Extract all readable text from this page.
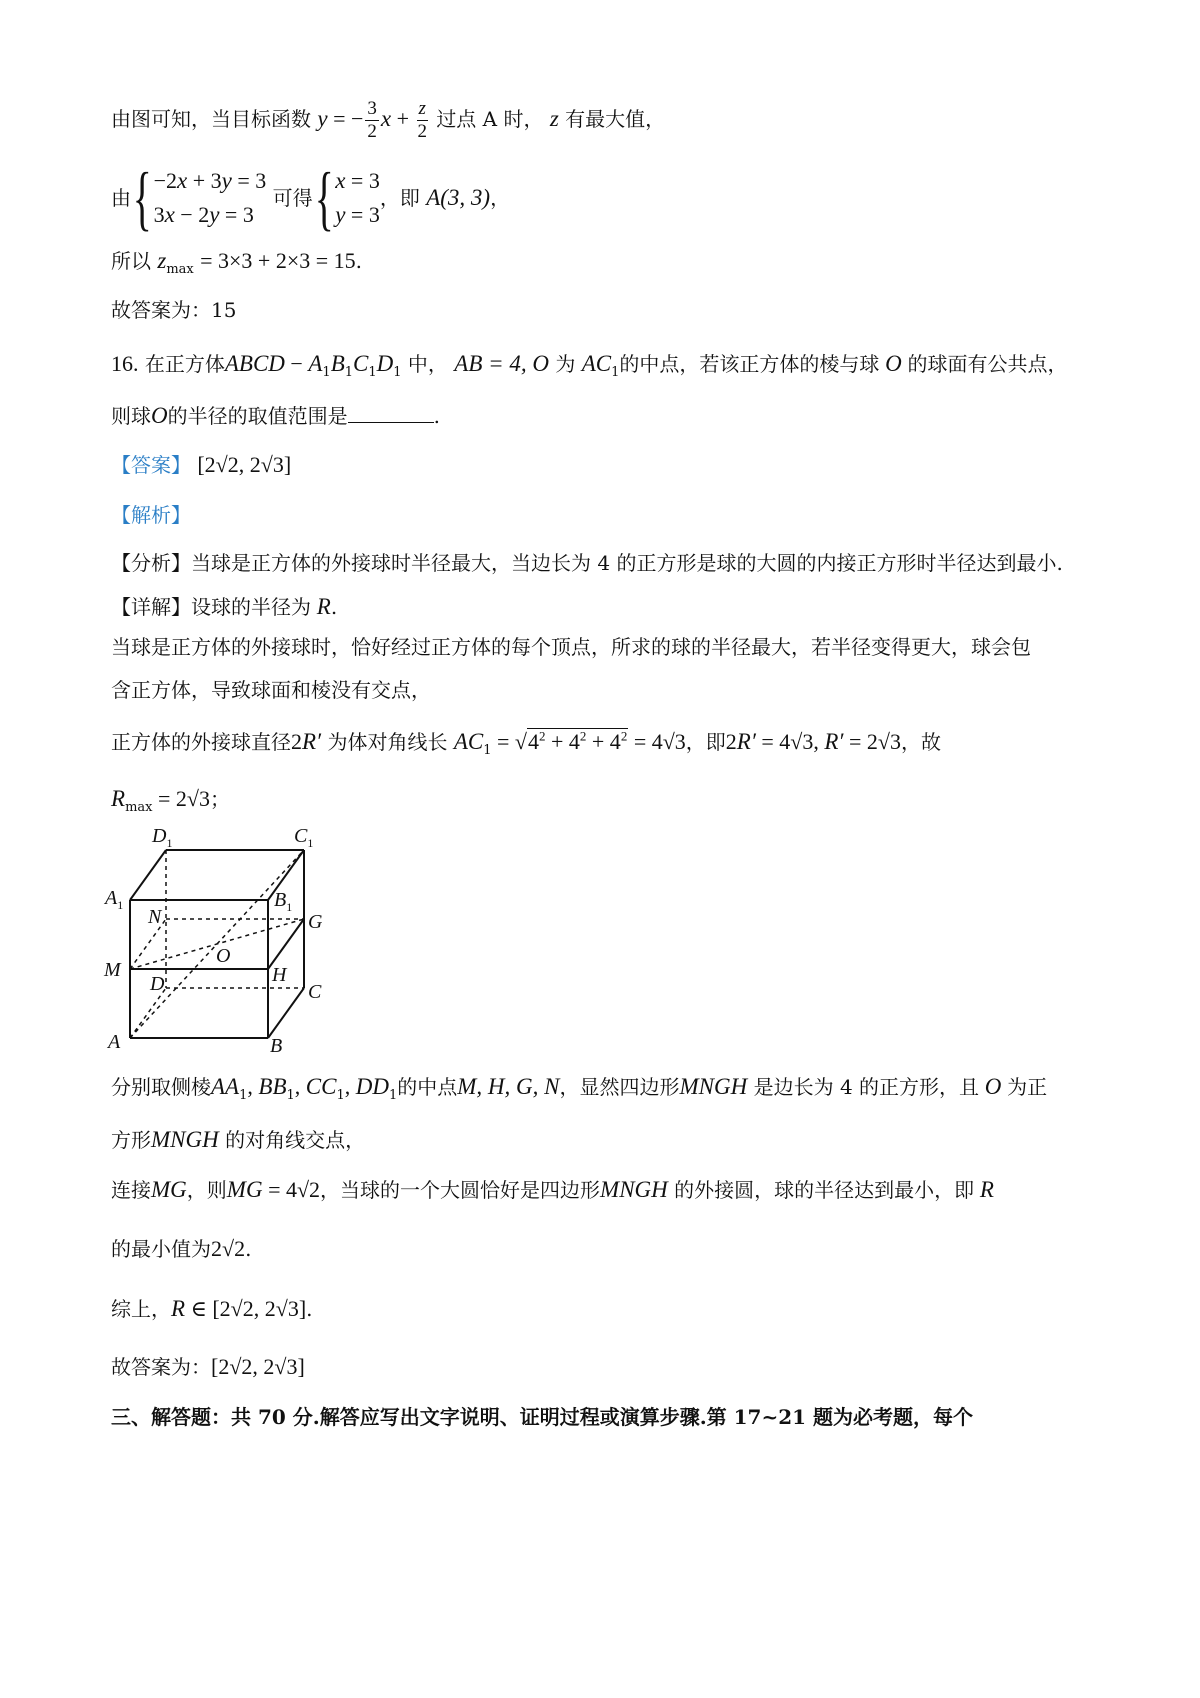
由图可知，当目标函数 y = − $\frac{3}{2}$ $x + \frac{z}{2}$ 过点 A 时， z 有最大值，
由{−2x + 3y = 3
3x − 2y = 3 可得{x = 3
y = 3，即 A(3, 3)，
所以 $z_{max} = 3\times 3 + 2\times 3 = 15$.
故答案为：15
16. 在正方体ABCD − $A_1B_1C_1D_1$ 中， AB = 4, O 为 $AC_1$的中点，若该正方体的棱与球 O 的球面有公共点，
则球O的半径的取值范围是	.
【答案】 [2√2, 2√3]
【解析】
【分析】当球是正方体的外接球时半径最大，当边长为 4 的正方形是球的大圆的内接正方形时半径达到最小.
【详解】设球的半径为 R.
当球是正方体的外接球时，恰好经过正方体的每个顶点，所求的球的半径最大，若半径变得更大，球会包
含正方体，导致球面和棱没有交点，
正方体的外接球直径2R′ 为体对角线长 $AC_1 = √4^2 + 4^2 + 4^2 = 4√3$，即2R′ = 4√3, R′ = 2√3，故
$R_{max} = 2√3$；
$D_1$	$C_1$
$A_1$	$B_1$
N	G
O
M	H
D	C
A	B
分别取侧棱$AA_1$, $BB_1$, $CC_1$, $DD_1$的中点M, H, G, N，显然四边形MNGH 是边长为 4 的正方形，且 O 为正
方形MNGH 的对角线交点，
连接MG，则MG = 4√2，当球的一个大圆恰好是四边形MNGH 的外接圆，球的半径达到最小，即 R
的最小值为2√2.
综上，R ∈ [2√2, 2√3].
故答案为：[2√2, 2√3]
三、解答题：共 70 分.解答应写出文字说明、证明过程或演算步骤.第 17~21 题为必考题，每个
